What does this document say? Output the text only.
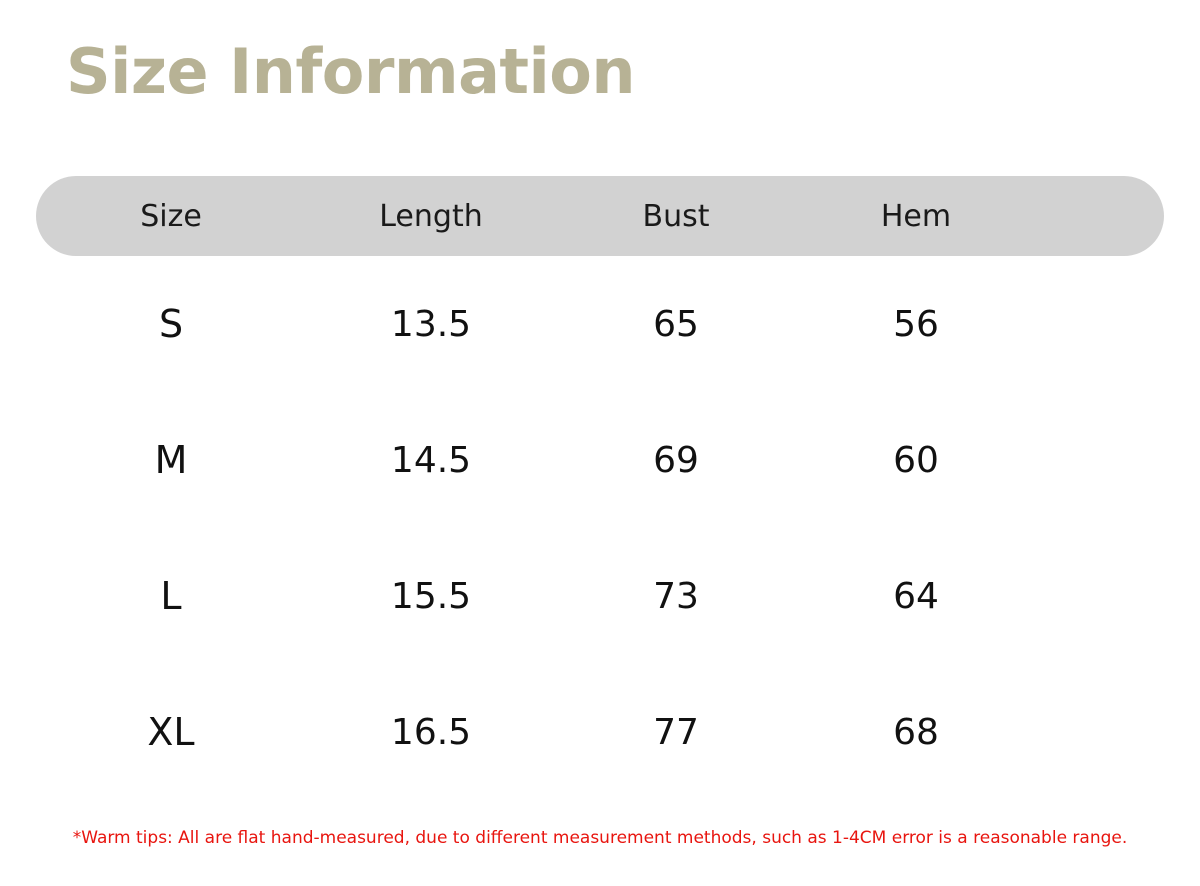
Size Information
Size	Length	Bust	Hem
S	13.5	65	56
M	14.5	69	60
L	15.5	73	64
XL	16.5	77	68
*Warm tips: All are flat hand-measured, due to different measurement methods, such as 1-4CM error is a reasonable range.
